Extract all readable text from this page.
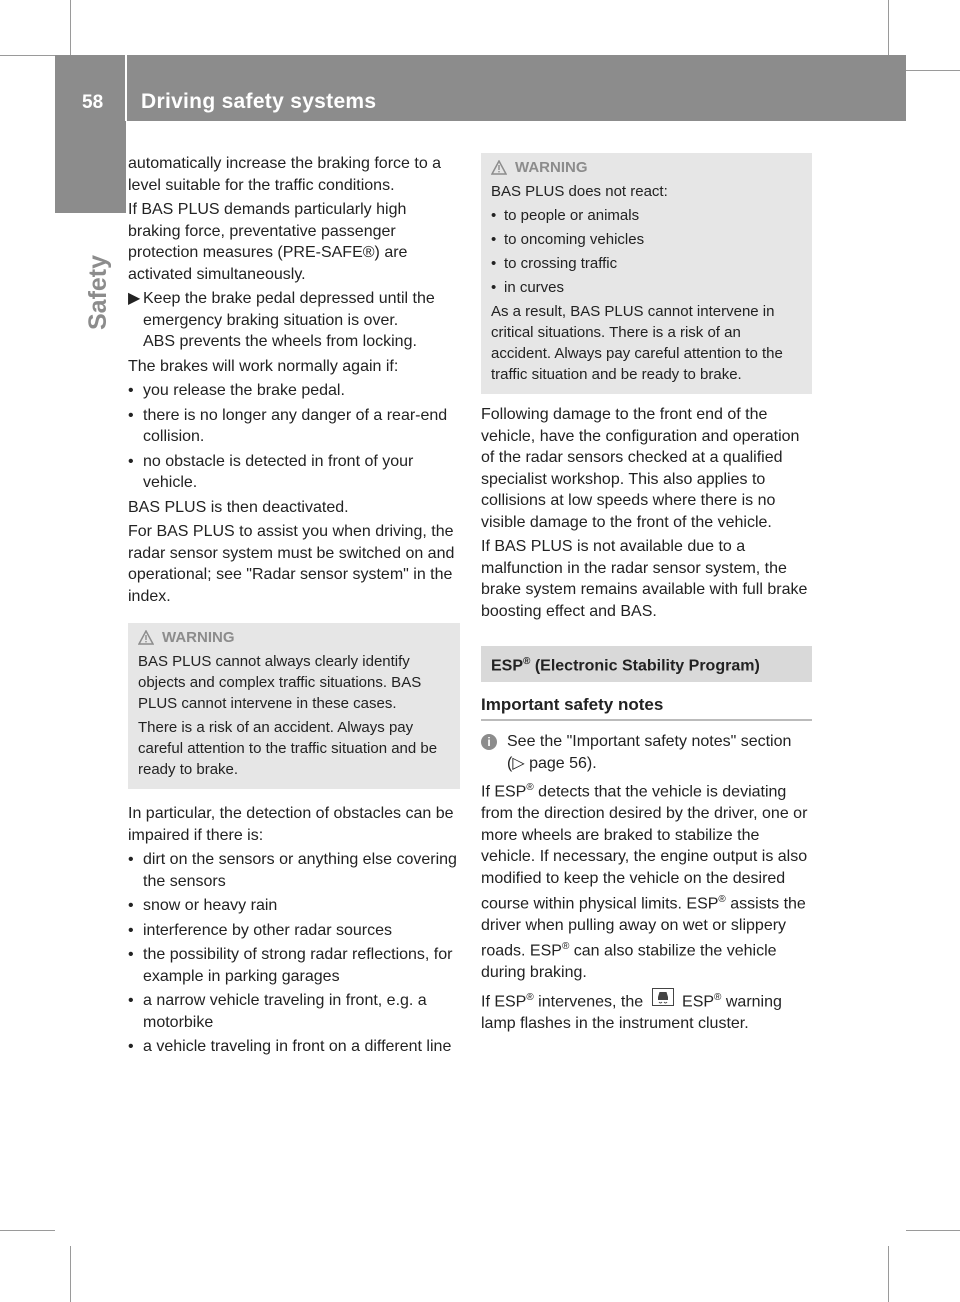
58 Driving safety systems
Safety

automatically increase the braking force to a level suitable for the traffic conditions.

If BAS PLUS demands particularly high braking force, preventative passenger protection measures (PRE-SAFE®) are activated simultaneously.

▶ Keep the brake pedal depressed until the emergency braking situation is over.
ABS prevents the wheels from locking.

The brakes will work normally again if:

• you release the brake pedal.
• there is no longer any danger of a rear-end collision.
• no obstacle is detected in front of your vehicle.

BAS PLUS is then deactivated.

For BAS PLUS to assist you when driving, the radar sensor system must be switched on and operational; see "Radar sensor system" in the index.

WARNING

BAS PLUS cannot always clearly identify objects and complex traffic situations. BAS PLUS cannot intervene in these cases.

There is a risk of an accident. Always pay careful attention to the traffic situation and be ready to brake.

In particular, the detection of obstacles can be impaired if there is:

• dirt on the sensors or anything else covering the sensors
• snow or heavy rain
• interference by other radar sources
• the possibility of strong radar reflections, for example in parking garages
• a narrow vehicle traveling in front, e.g. a motorbike
• a vehicle traveling in front on a different line
WARNING

BAS PLUS does not react:

• to people or animals
• to oncoming vehicles
• to crossing traffic
• in curves

As a result, BAS PLUS cannot intervene in critical situations. There is a risk of an accident. Always pay careful attention to the traffic situation and be ready to brake.

Following damage to the front end of the vehicle, have the configuration and operation of the radar sensors checked at a qualified specialist workshop. This also applies to collisions at low speeds where there is no visible damage to the front of the vehicle.

If BAS PLUS is not available due to a malfunction in the radar sensor system, the brake system remains available with full brake boosting effect and BAS.

ESP® (Electronic Stability Program)
Important safety notes
i	See the "Important safety notes" section
(▷ page 56).

If ESP® detects that the vehicle is deviating from the direction desired by the driver, one or more wheels are braked to stabilize the vehicle. If necessary, the engine output is also modified to keep the vehicle on the desired course within physical limits. ESP® assists the driver when pulling away on wet or slippery roads. ESP® can also stabilize the vehicle during braking.

If ESP® intervenes, the  ESP® warning lamp flashes in the instrument cluster.
